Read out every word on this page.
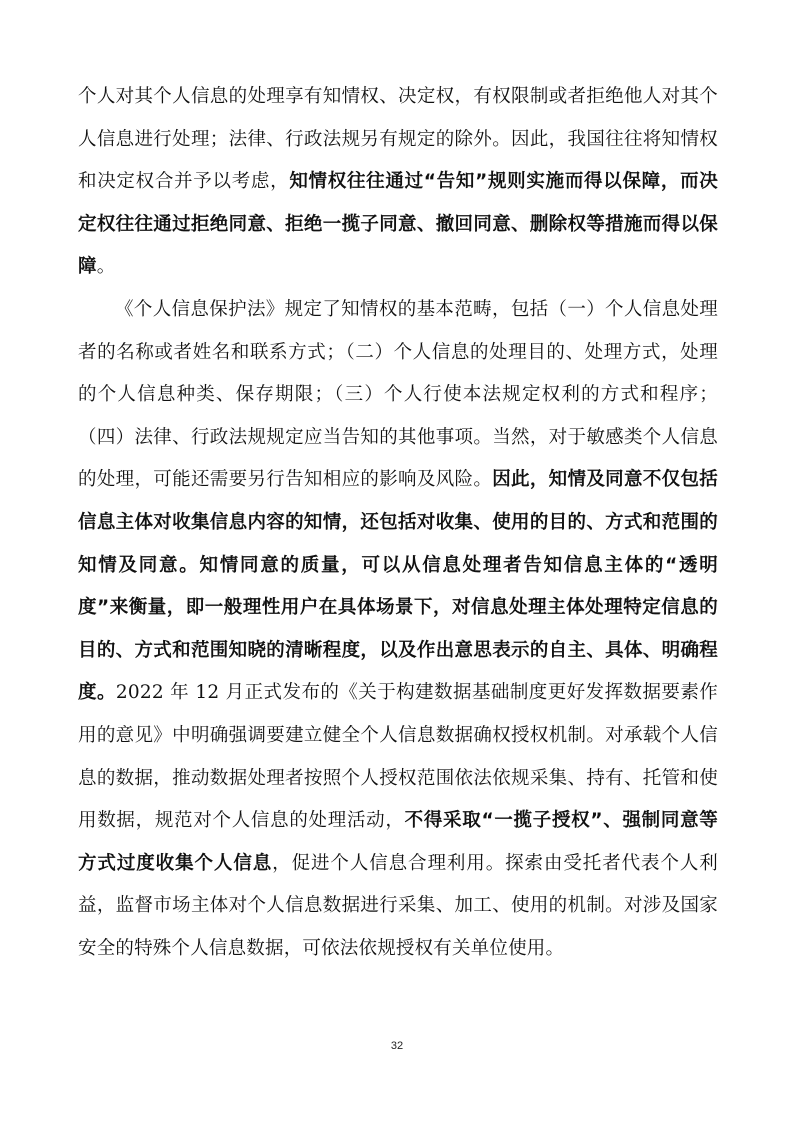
个人对其个人信息的处理享有知情权、决定权，有权限制或者拒绝他人对其个人信息进行处理；法律、行政法规另有规定的除外。因此，我国往往将知情权和决定权合并予以考虑，知情权往往通过“告知”规则实施而得以保障，而决定权往往通过拒绝同意、拒绝一揽子同意、撤回同意、删除权等措施而得以保障。

《个人信息保护法》规定了知情权的基本范畴，包括（一）个人信息处理者的名称或者姓名和联系方式；（二）个人信息的处理目的、处理方式，处理的个人信息种类、保存期限；（三）个人行使本法规定权利的方式和程序；（四）法律、行政法规规定应当告知的其他事项。当然，对于敏感类个人信息的处理，可能还需要另行告知相应的影响及风险。因此，知情及同意不仅包括信息主体对收集信息内容的知情，还包括对收集、使用的目的、方式和范围的知情及同意。知情同意的质量，可以从信息处理者告知信息主体的“透明度”来衡量，即一般理性用户在具体场景下，对信息处理主体处理特定信息的目的、方式和范围知晓的清晰程度，以及作出意思表示的自主、具体、明确程度。2022 年 12 月正式发布的《关于构建数据基础制度更好发挥数据要素作用的意见》中明确强调要建立健全个人信息数据确权授权机制。对承载个人信息的数据，推动数据处理者按照个人授权范围依法依规采集、持有、托管和使用数据，规范对个人信息的处理活动，不得采取“一揽子授权”、强制同意等方式过度收集个人信息，促进个人信息合理利用。探索由受托者代表个人利益，监督市场主体对个人信息数据进行采集、加工、使用的机制。对涉及国家安全的特殊个人信息数据，可依法依规授权有关单位使用。

32
